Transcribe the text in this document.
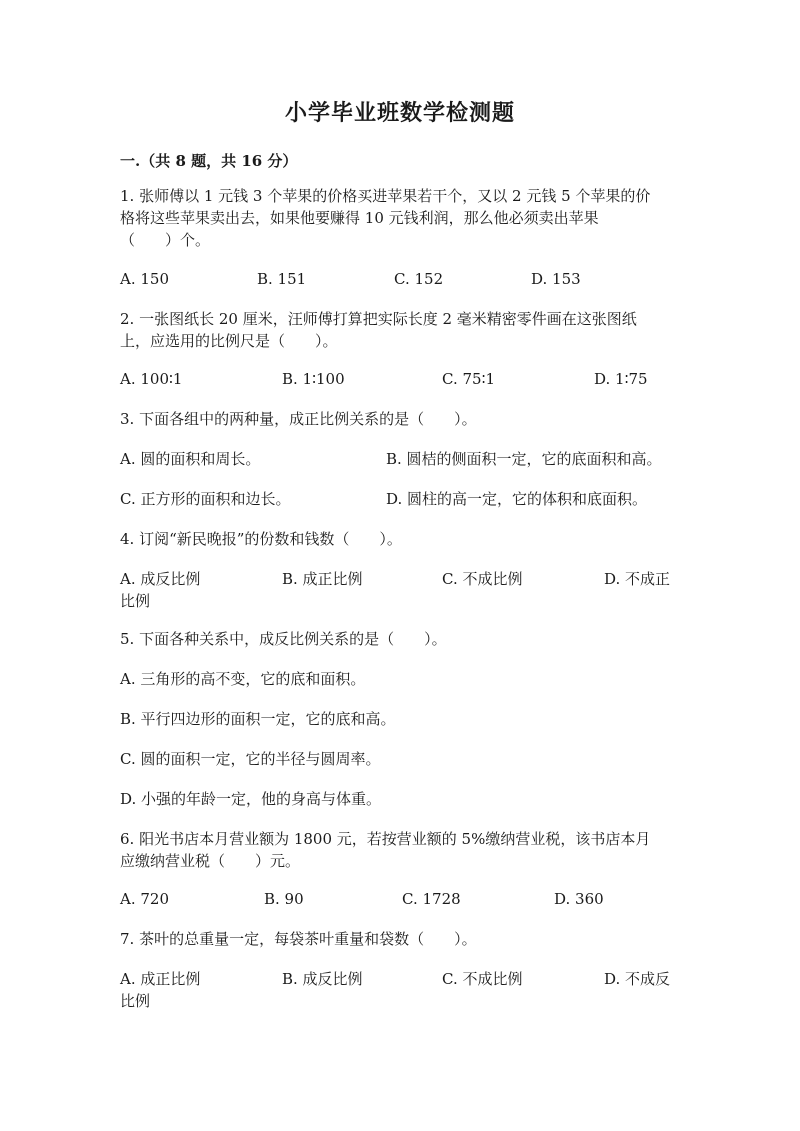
小学毕业班数学检测题
一.（共 8 题，共 16 分）
1. 张师傅以 1 元钱 3 个苹果的价格买进苹果若干个，又以 2 元钱 5 个苹果的价
格将这些苹果卖出去，如果他要赚得 10 元钱利润，那么他必须卖出苹果
（　　）个。
A. 150	B. 151	C. 152	D. 153
2. 一张图纸长 20 厘米，汪师傅打算把实际长度 2 毫米精密零件画在这张图纸
上，应选用的比例尺是（　　）。
A. 100∶1	B. 1∶100	C. 75∶1	D. 1∶75
3. 下面各组中的两种量，成正比例关系的是（　　）。
A. 圆的面积和周长。	B. 圆桔的侧面积一定，它的底面积和高。
C. 正方形的面积和边长。	D. 圆柱的高一定，它的体积和底面积。
4. 订阅“新民晚报”的份数和钱数（　　）。
A. 成反比例	B. 成正比例	C. 不成比例	D. 不成正
比例
5. 下面各种关系中，成反比例关系的是（　　）。
A. 三角形的高不变，它的底和面积。
B. 平行四边形的面积一定，它的底和高。
C. 圆的面积一定，它的半径与圆周率。
D. 小强的年龄一定，他的身高与体重。
6. 阳光书店本月营业额为 1800 元，若按营业额的 5%缴纳营业税，该书店本月
应缴纳营业税（　　）元。
A. 720	B. 90	C. 1728	D. 360
7. 茶叶的总重量一定，每袋茶叶重量和袋数（　　）。
A. 成正比例	B. 成反比例	C. 不成比例	D. 不成反
比例
